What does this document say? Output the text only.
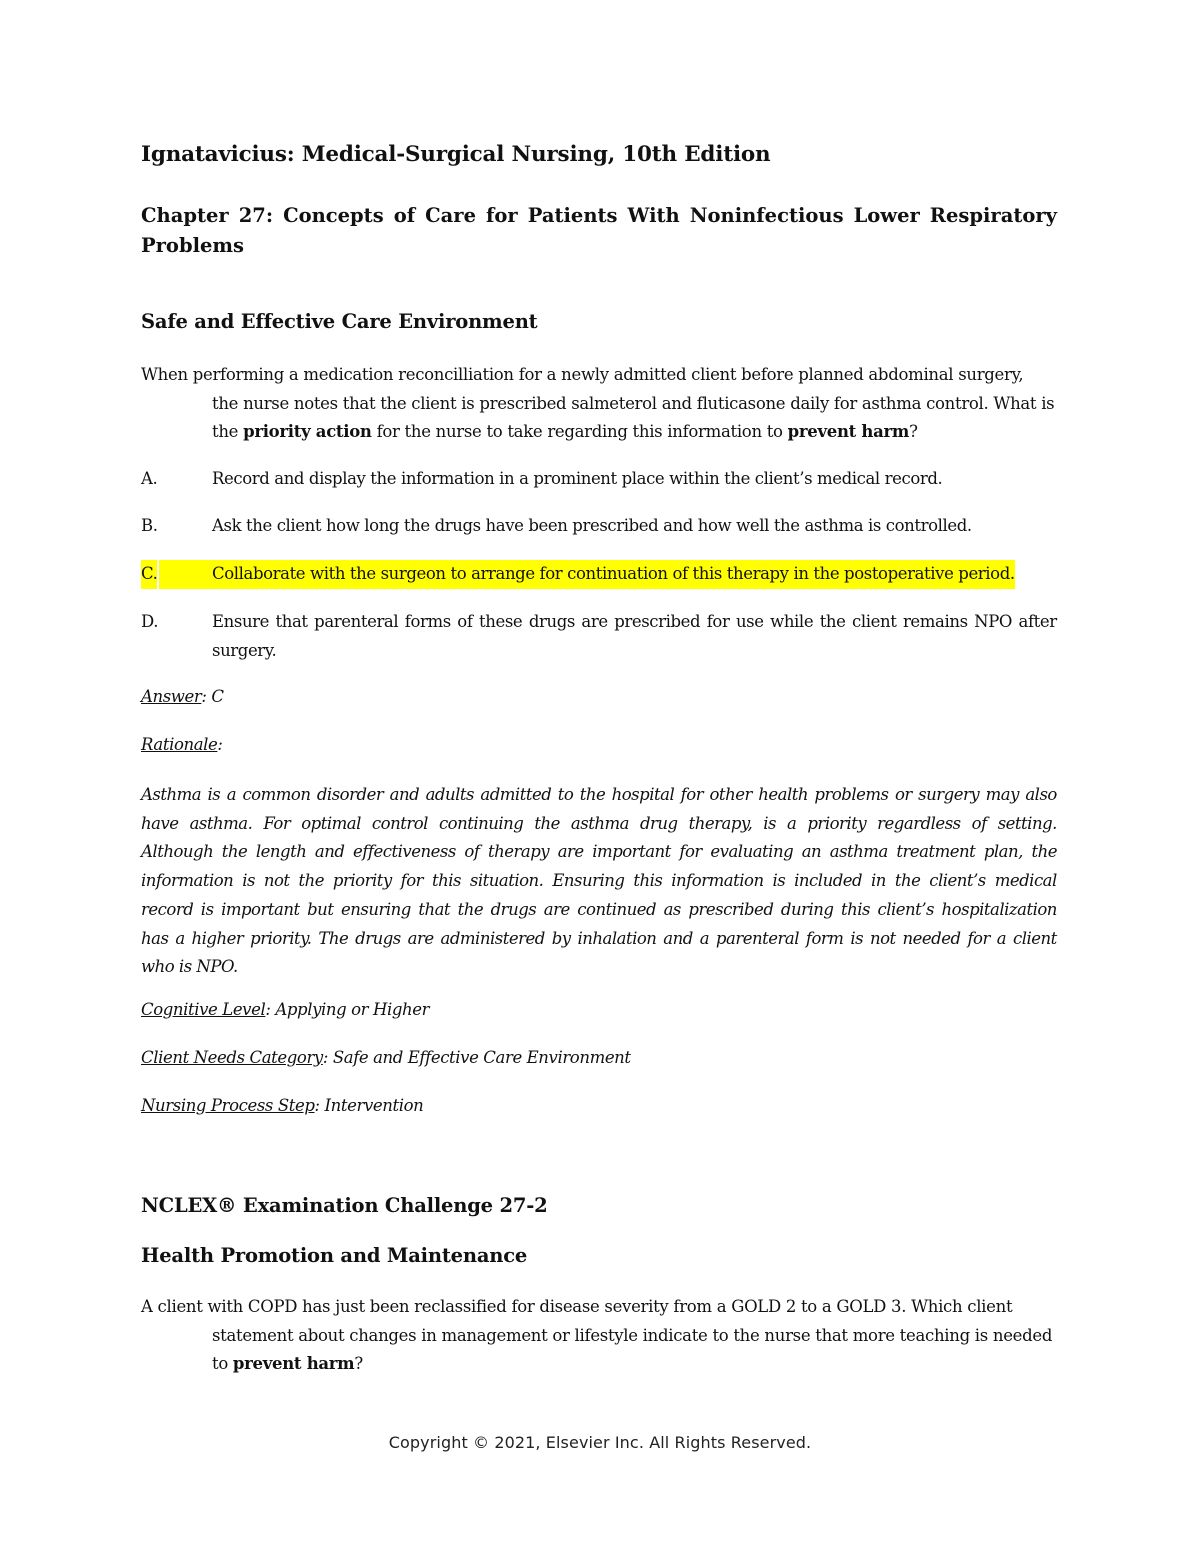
Ignatavicius: Medical-Surgical Nursing, 10th Edition
Chapter 27: Concepts of Care for Patients With Noninfectious Lower Respiratory
Problems
Safe and Effective Care Environment
When performing a medication reconcilliation for a newly admitted client before planned abdominal surgery,
the nurse notes that the client is prescribed salmeterol and fluticasone daily for asthma control. What is
the priority action for the nurse to take regarding this information to prevent harm?
A.	Record and display the information in a prominent place within the client’s medical record.
B.	Ask the client how long the drugs have been prescribed and how well the asthma is controlled.
C.	Collaborate with the surgeon to arrange for continuation of this therapy in the postoperative period.
D.	Ensure that parenteral forms of these drugs are prescribed for use while the client remains NPO after
surgery.
Answer: C
Rationale:
Asthma is a common disorder and adults admitted to the hospital for other health problems or surgery may also
have asthma. For optimal control continuing the asthma drug therapy, is a priority regardless of setting.
Although the length and effectiveness of therapy are important for evaluating an asthma treatment plan, the
information is not the priority for this situation. Ensuring this information is included in the client’s medical
record is important but ensuring that the drugs are continued as prescribed during this client’s hospitalization
has a higher priority. The drugs are administered by inhalation and a parenteral form is not needed for a client
who is NPO.
Cognitive Level: Applying or Higher
Client Needs Category: Safe and Effective Care Environment
Nursing Process Step: Intervention
NCLEX® Examination Challenge 27-2
Health Promotion and Maintenance
A client with COPD has just been reclassified for disease severity from a GOLD 2 to a GOLD 3. Which client
statement about changes in management or lifestyle indicate to the nurse that more teaching is needed
to prevent harm?
Copyright © 2021, Elsevier Inc. All Rights Reserved.
